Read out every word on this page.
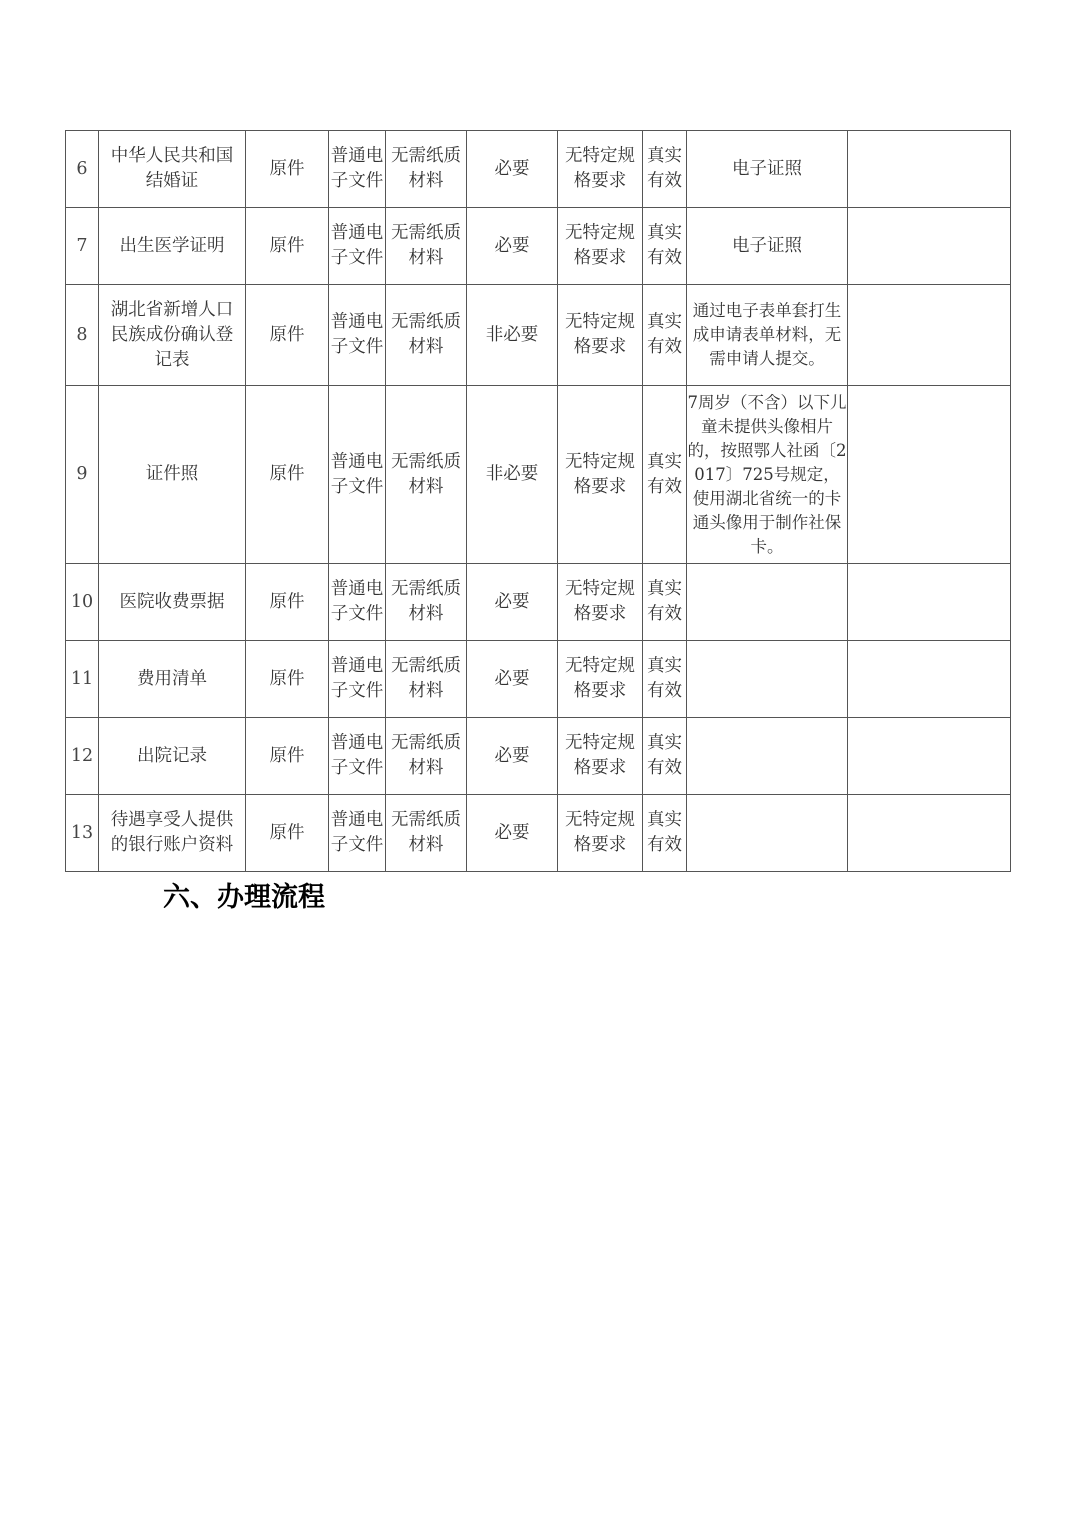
6	中华人民共和国结婚证	原件	普通电子文件	无需纸质材料	必要	无特定规格要求	真实有效	电子证照	
7	出生医学证明	原件	普通电子文件	无需纸质材料	必要	无特定规格要求	真实有效	电子证照	
8	湖北省新增人口民族成份确认登记表	原件	普通电子文件	无需纸质材料	非必要	无特定规格要求	真实有效	通过电子表单套打生成申请表单材料，无需申请人提交。	
9	证件照	原件	普通电子文件	无需纸质材料	非必要	无特定规格要求	真实有效	7周岁（不含）以下儿童未提供头像相片的，按照鄂人社函〔2017〕725号规定，使用湖北省统一的卡通头像用于制作社保卡。	
10	医院收费票据	原件	普通电子文件	无需纸质材料	必要	无特定规格要求	真实有效		
11	费用清单	原件	普通电子文件	无需纸质材料	必要	无特定规格要求	真实有效		
12	出院记录	原件	普通电子文件	无需纸质材料	必要	无特定规格要求	真实有效		
13	待遇享受人提供的银行账户资料	原件	普通电子文件	无需纸质材料	必要	无特定规格要求	真实有效		
六、办理流程
